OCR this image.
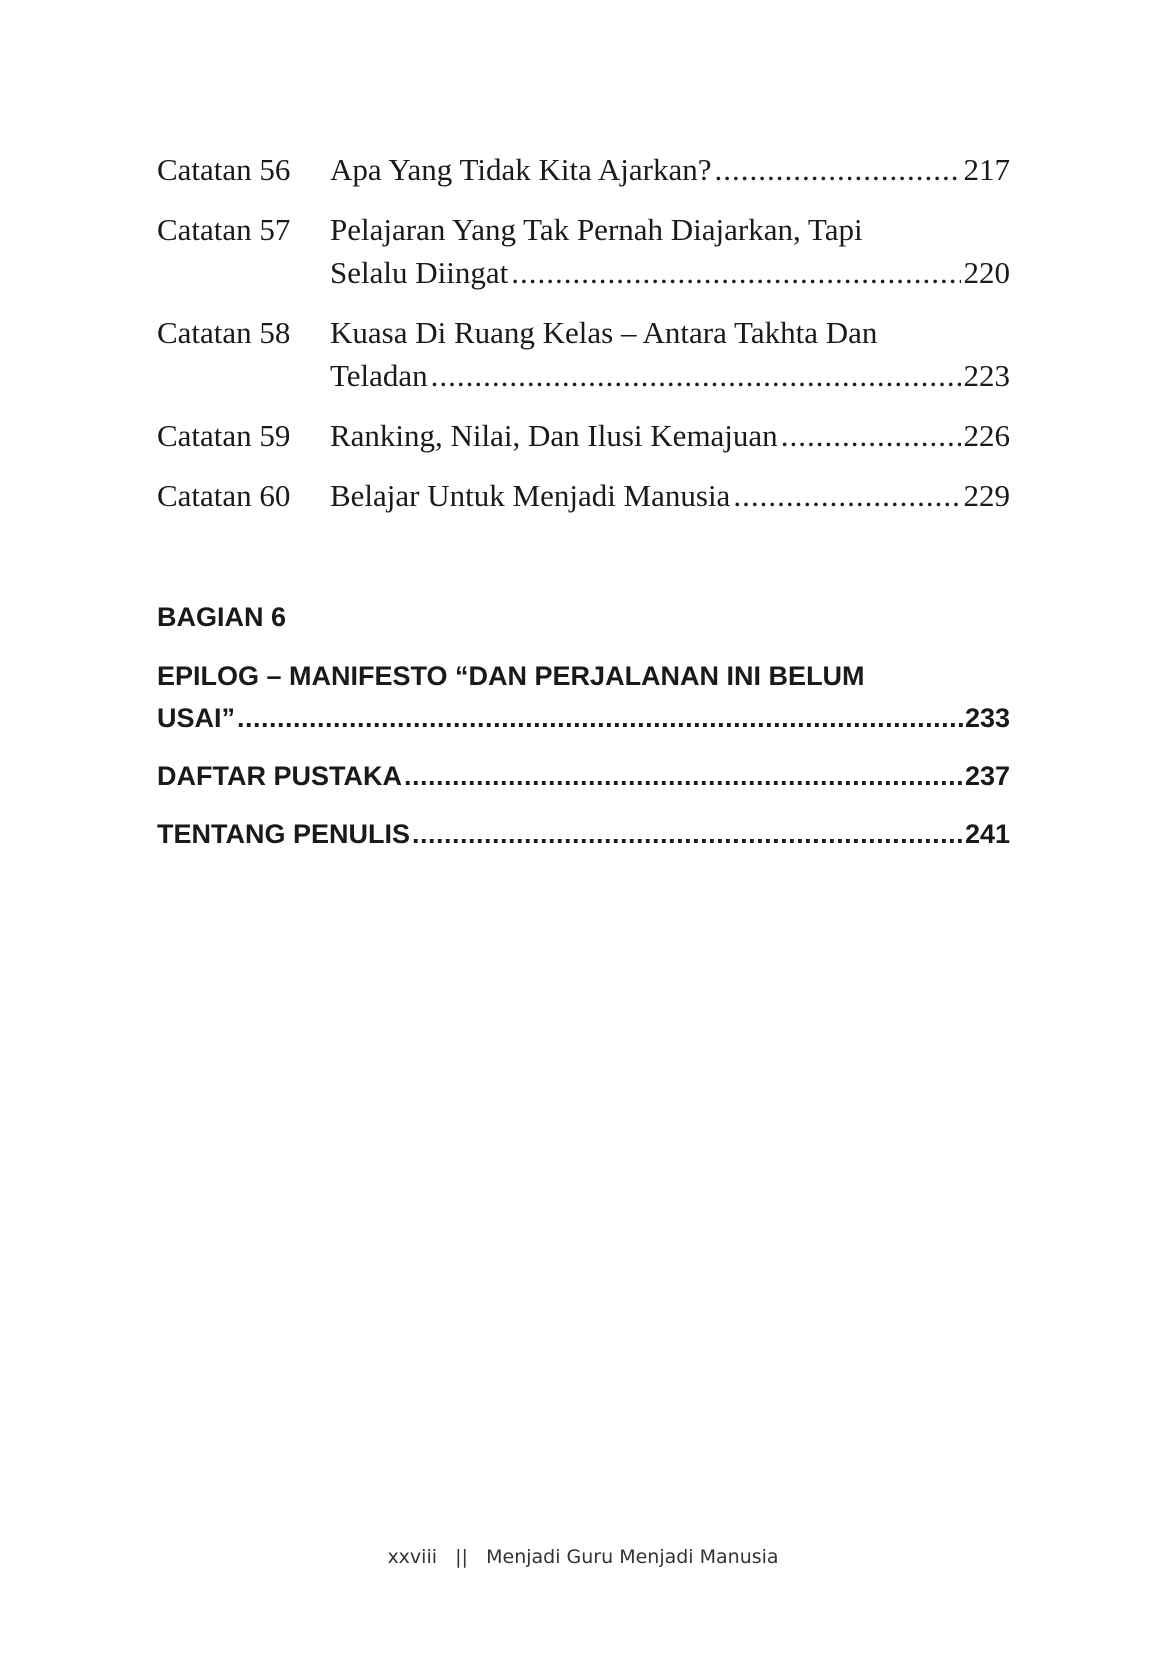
Catatan 56	Apa Yang Tidak Kita Ajarkan? .....	217
Catatan 57	Pelajaran Yang Tak Pernah Diajarkan, Tapi
Selalu Diingat .....	220
Catatan 58	Kuasa Di Ruang Kelas – Antara Takhta Dan
Teladan .....	223
Catatan 59	Ranking, Nilai, Dan Ilusi Kemajuan .....	226
Catatan 60	Belajar Untuk Menjadi Manusia .....	229
BAGIAN 6
EPILOG – MANIFESTO “DAN PERJALANAN INI BELUM
USAI” .....	233
DAFTAR PUSTAKA .....	237
TENTANG PENULIS .....	241
xxviii || Menjadi Guru Menjadi Manusia
